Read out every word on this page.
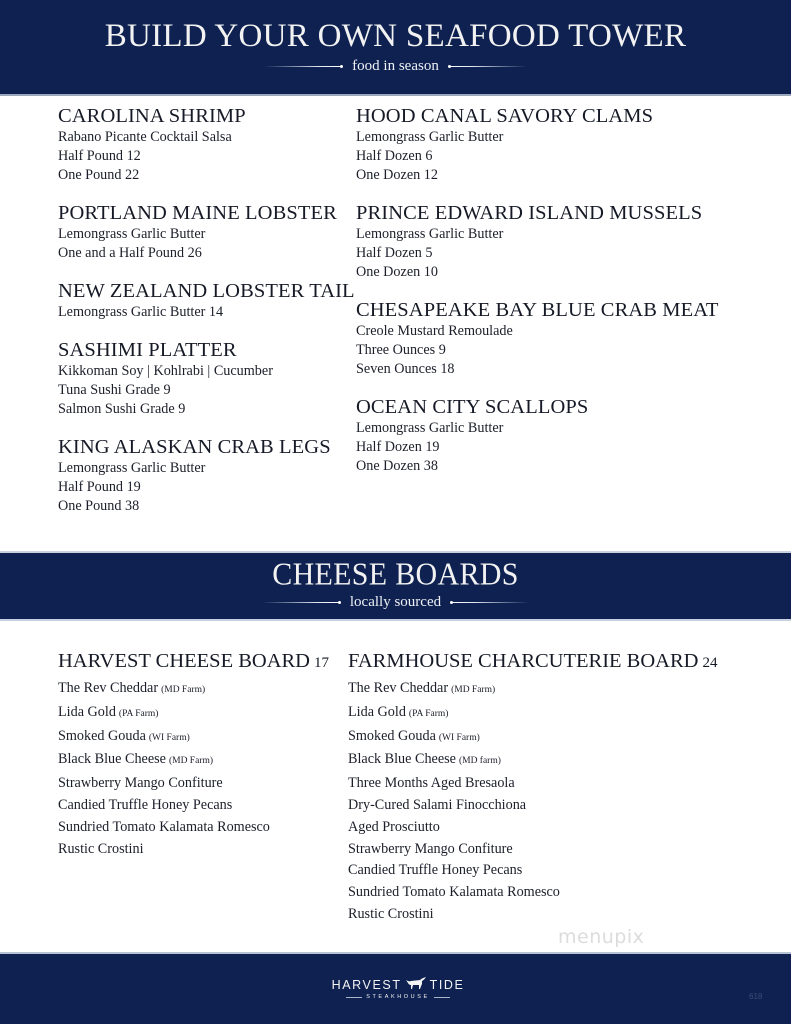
BUILD YOUR OWN SEAFOOD TOWER
food in season
CAROLINA SHRIMP
Rabano Picante Cocktail Salsa
Half Pound 12
One Pound 22
PORTLAND MAINE LOBSTER
Lemongrass Garlic Butter
One and a Half Pound 26
NEW ZEALAND LOBSTER TAIL
Lemongrass Garlic Butter 14
SASHIMI PLATTER
Kikkoman Soy | Kohlrabi | Cucumber
Tuna Sushi Grade 9
Salmon Sushi Grade 9
KING ALASKAN CRAB LEGS
Lemongrass Garlic Butter
Half Pound 19
One Pound 38
HOOD CANAL SAVORY CLAMS
Lemongrass Garlic Butter
Half Dozen 6
One Dozen 12
PRINCE EDWARD ISLAND MUSSELS
Lemongrass Garlic Butter
Half Dozen 5
One Dozen 10
CHESAPEAKE BAY BLUE CRAB MEAT
Creole Mustard Remoulade
Three Ounces 9
Seven Ounces 18
OCEAN CITY SCALLOPS
Lemongrass Garlic Butter
Half Dozen 19
One Dozen 38
CHEESE BOARDS
locally sourced
HARVEST CHEESE BOARD 17
The Rev Cheddar (MD Farm)
Lida Gold (PA Farm)
Smoked Gouda (WI Farm)
Black Blue Cheese (MD Farm)
Strawberry Mango Confiture
Candied Truffle Honey Pecans
Sundried Tomato Kalamata Romesco
Rustic Crostini
FARMHOUSE CHARCUTERIE BOARD 24
The Rev Cheddar (MD Farm)
Lida Gold (PA Farm)
Smoked Gouda (WI Farm)
Black Blue Cheese (MD farm)
Three Months Aged Bresaola
Dry-Cured Salami Finocchiona
Aged Prosciutto
Strawberry Mango Confiture
Candied Truffle Honey Pecans
Sundried Tomato Kalamata Romesco
Rustic Crostini
menupix
HARVEST TIDE
STEAKHOUSE	618
